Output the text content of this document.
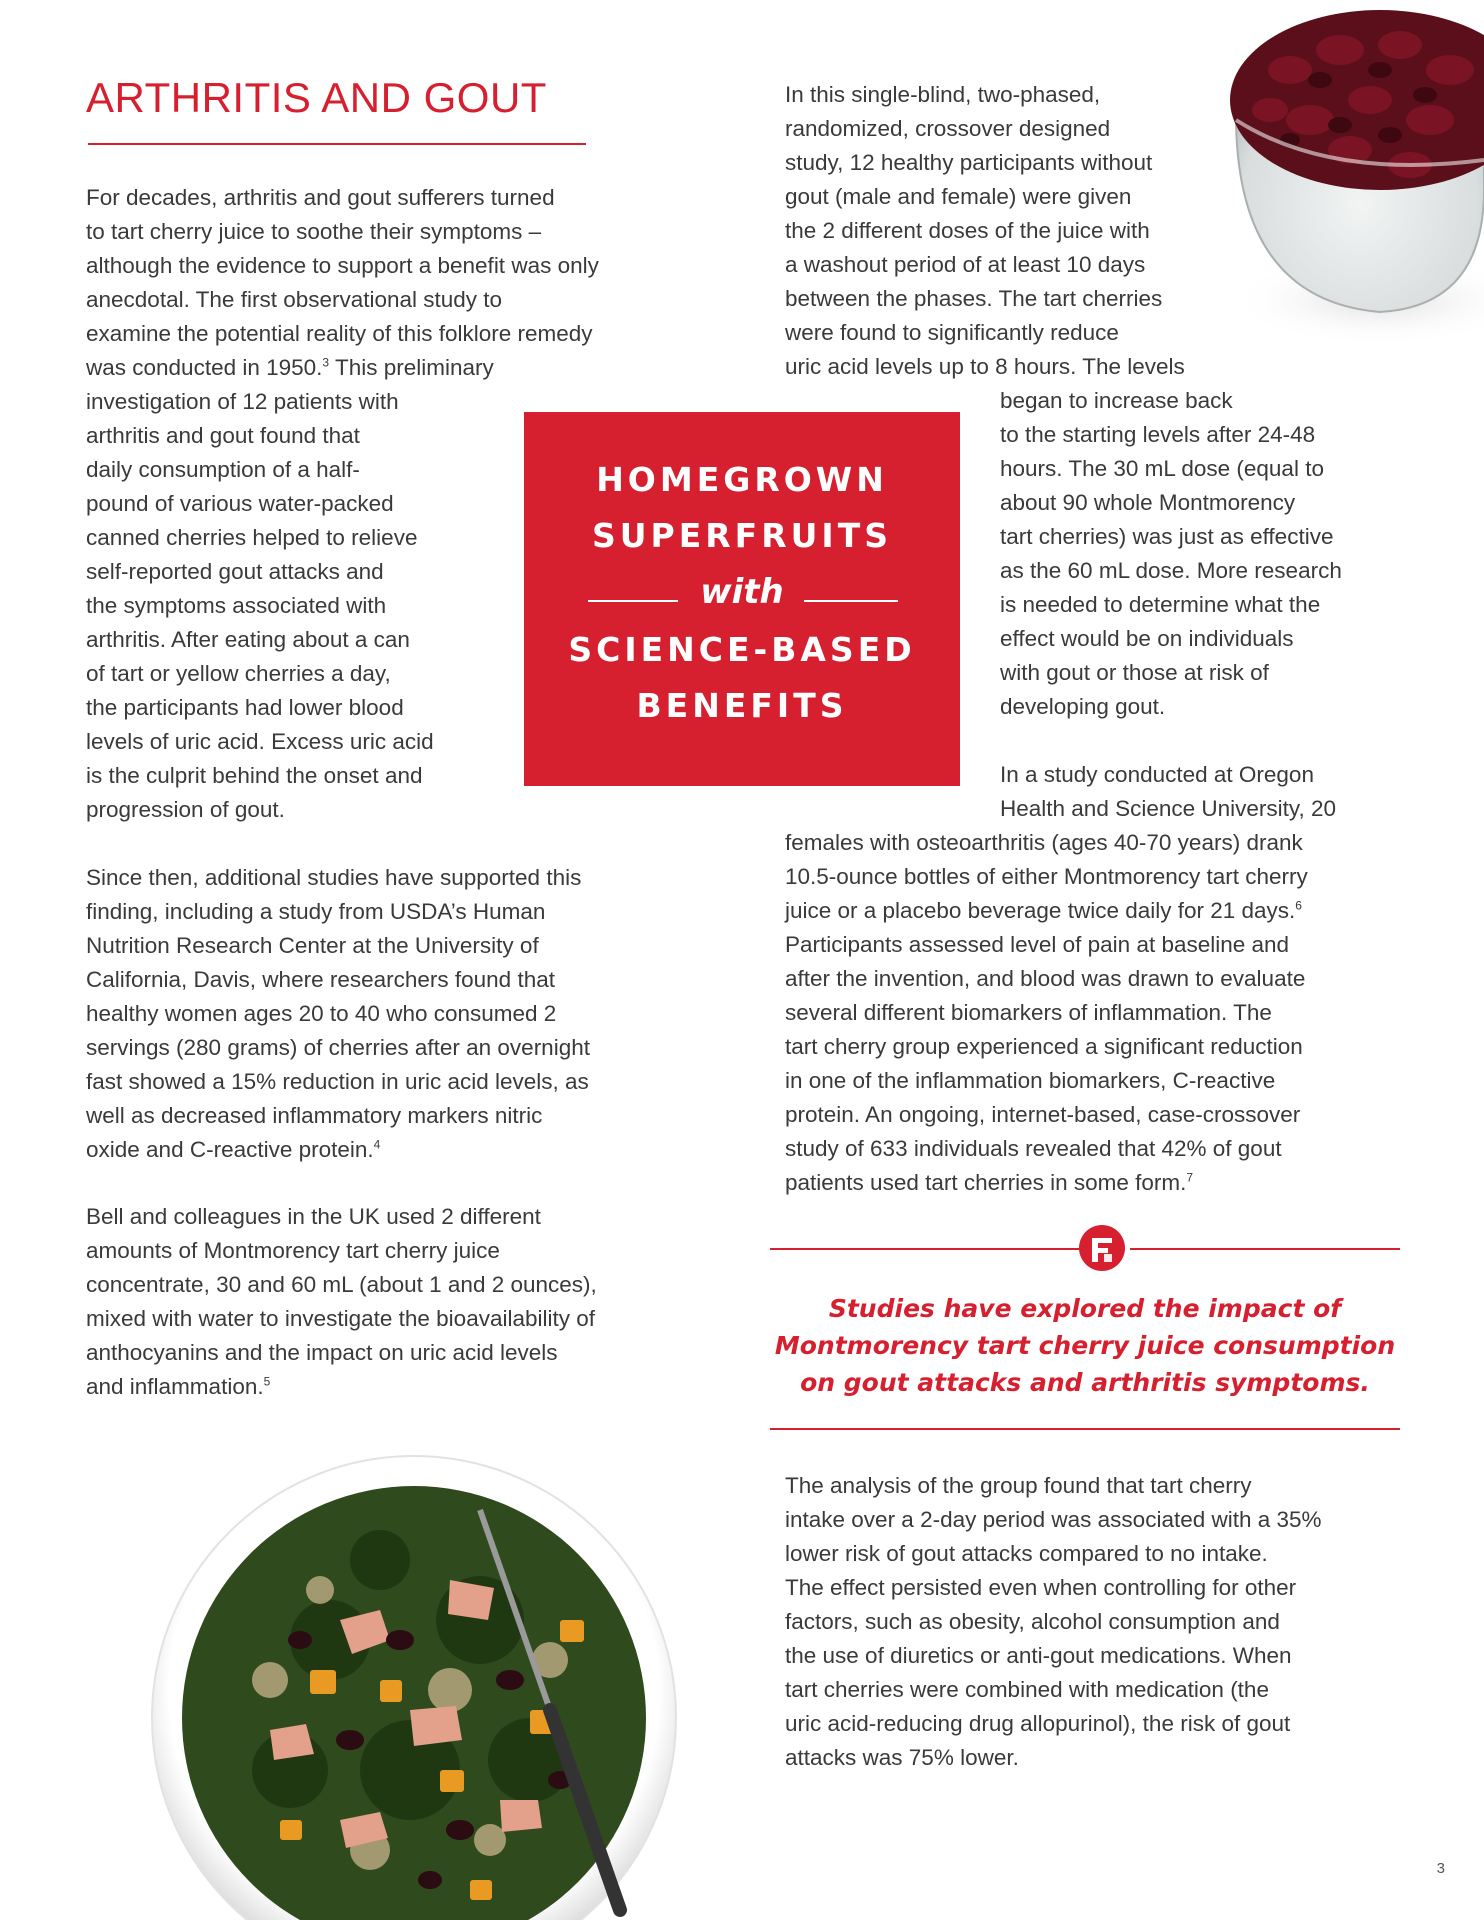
ARTHRITIS AND GOUT
For decades, arthritis and gout sufferers turned
to tart cherry juice to soothe their symptoms –
although the evidence to support a benefit was only
anecdotal. The first observational study to
examine the potential reality of this folklore remedy
was conducted in 1950.$^3$ This preliminary
investigation of 12 patients with
arthritis and gout found that
daily consumption of a half-
pound of various water-packed
canned cherries helped to relieve
self-reported gout attacks and
the symptoms associated with
arthritis. After eating about a can
of tart or yellow cherries a day,
the participants had lower blood
levels of uric acid. Excess uric acid
is the culprit behind the onset and
progression of gout.
Since then, additional studies have supported this
finding, including a study from USDA’s Human
Nutrition Research Center at the University of
California, Davis, where researchers found that
healthy women ages 20 to 40 who consumed 2
servings (280 grams) of cherries after an overnight
fast showed a 15% reduction in uric acid levels, as
well as decreased inflammatory markers nitric
oxide and C-reactive protein.$^4$
Bell and colleagues in the UK used 2 different
amounts of Montmorency tart cherry juice
concentrate, 30 and 60 mL (about 1 and 2 ounces),
mixed with water to investigate the bioavailability of
anthocyanins and the impact on uric acid levels
and inflammation.$^5$
HOMEGROWN
SUPERFRUITS
with
SCIENCE-BASED
BENEFITS
In this single-blind, two-phased,
randomized, crossover designed
study, 12 healthy participants without
gout (male and female) were given
the 2 different doses of the juice with
a washout period of at least 10 days
between the phases. The tart cherries
were found to significantly reduce
uric acid levels up to 8 hours. The levels
began to increase back
to the starting levels after 24-48
hours. The 30 mL dose (equal to
about 90 whole Montmorency
tart cherries) was just as effective
as the 60 mL dose. More research
is needed to determine what the
effect would be on individuals
with gout or those at risk of
developing gout.
In a study conducted at Oregon
Health and Science University, 20
females with osteoarthritis (ages 40-70 years) drank
10.5-ounce bottles of either Montmorency tart cherry
juice or a placebo beverage twice daily for 21 days.$^6$
Participants assessed level of pain at baseline and
after the invention, and blood was drawn to evaluate
several different biomarkers of inflammation. The
tart cherry group experienced a significant reduction
in one of the inflammation biomarkers, C-reactive
protein. An ongoing, internet-based, case-crossover
study of 633 individuals revealed that 42% of gout
patients used tart cherries in some form.$^7$
Studies have explored the impact of
Montmorency tart cherry juice consumption
on gout attacks and arthritis symptoms.
The analysis of the group found that tart cherry
intake over a 2-day period was associated with a 35%
lower risk of gout attacks compared to no intake.
The effect persisted even when controlling for other
factors, such as obesity, alcohol consumption and
the use of diuretics or anti-gout medications. When
tart cherries were combined with medication (the
uric acid-reducing drug allopurinol), the risk of gout
attacks was 75% lower.
3
